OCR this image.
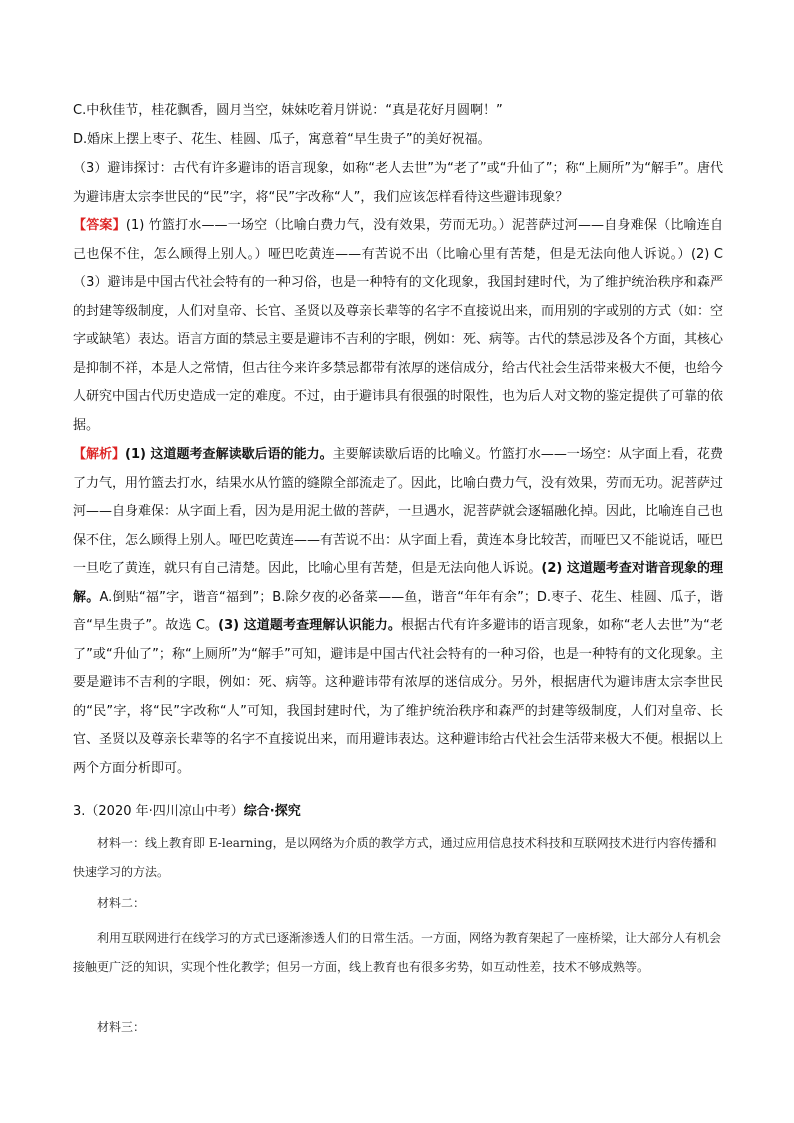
C.中秋佳节，桂花飘香，圆月当空，妹妹吃着月饼说：“真是花好月圆啊！”

D.婚床上摆上枣子、花生、桂圆、瓜子，寓意着“早生贵子”的美好祝福。

（3）避讳探讨：古代有许多避讳的语言现象，如称“老人去世”为“老了”或“升仙了”；称“上厕所”为“解手”。唐代为避讳唐太宗李世民的“民”字，将“民”字改称“人”，我们应该怎样看待这些避讳现象？

【答案】(1) 竹篮打水——一场空（比喻白费力气，没有效果，劳而无功。）泥菩萨过河——自身难保（比喻连自己也保不住，怎么顾得上别人。）哑巴吃黄连——有苦说不出（比喻心里有苦楚，但是无法向他人诉说。）(2) C（3）避讳是中国古代社会特有的一种习俗，也是一种特有的文化现象，我国封建时代，为了维护统治秩序和森严的封建等级制度，人们对皇帝、长官、圣贤以及尊亲长辈等的名字不直接说出来，而用别的字或别的方式（如：空字或缺笔）表达。语言方面的禁忌主要是避讳不吉利的字眼，例如：死、病等。古代的禁忌涉及各个方面，其核心是抑制不祥，本是人之常情，但古往今来许多禁忌都带有浓厚的迷信成分，给古代社会生活带来极大不便，也给今人研究中国古代历史造成一定的难度。不过，由于避讳具有很强的时限性，也为后人对文物的鉴定提供了可靠的依据。

【解析】(1) 这道题考查解读歇后语的能力。主要解读歇后语的比喻义。竹篮打水——一场空：从字面上看，花费了力气，用竹篮去打水，结果水从竹篮的缝隙全部流走了。因此，比喻白费力气，没有效果，劳而无功。泥菩萨过河——自身难保：从字面上看，因为是用泥土做的菩萨，一旦遇水，泥菩萨就会逐辐融化掉。因此，比喻连自己也保不住，怎么顾得上别人。哑巴吃黄连——有苦说不出：从字面上看，黄连本身比较苦，而哑巴又不能说话，哑巴一旦吃了黄连，就只有自己清楚。因此，比喻心里有苦楚，但是无法向他人诉说。(2) 这道题考查对谐音现象的理解。A.倒贴“福”字，谐音“福到”；B.除夕夜的必备菜——鱼，谐音“年年有余”；D.枣子、花生、桂圆、瓜子，谐音“早生贵子”。故选 C。(3) 这道题考查理解认识能力。根据古代有许多避讳的语言现象，如称“老人去世”为“老了”或“升仙了”；称“上厕所”为“解手”可知，避讳是中国古代社会特有的一种习俗，也是一种特有的文化现象。主要是避讳不吉利的字眼，例如：死、病等。这种避讳带有浓厚的迷信成分。另外，根据唐代为避讳唐太宗李世民的“民”字，将“民”字改称“人”可知，我国封建时代，为了维护统治秩序和森严的封建等级制度，人们对皇帝、长官、圣贤以及尊亲长辈等的名字不直接说出来，而用避讳表达。这种避讳给古代社会生活带来极大不便。根据以上两个方面分析即可。

3.（2020 年·四川凉山中考）综合·探究

材料一：线上教育即 E-learning，是以网络为介质的教学方式，通过应用信息技术科技和互联网技术进行内容传播和快速学习的方法。

材料二：

利用互联网进行在线学习的方式已逐渐渗透人们的日常生活。一方面，网络为教育架起了一座桥梁，让大部分人有机会接触更广泛的知识，实现个性化教学；但另一方面，线上教育也有很多劣势，如互动性差，技术不够成熟等。

材料三：
